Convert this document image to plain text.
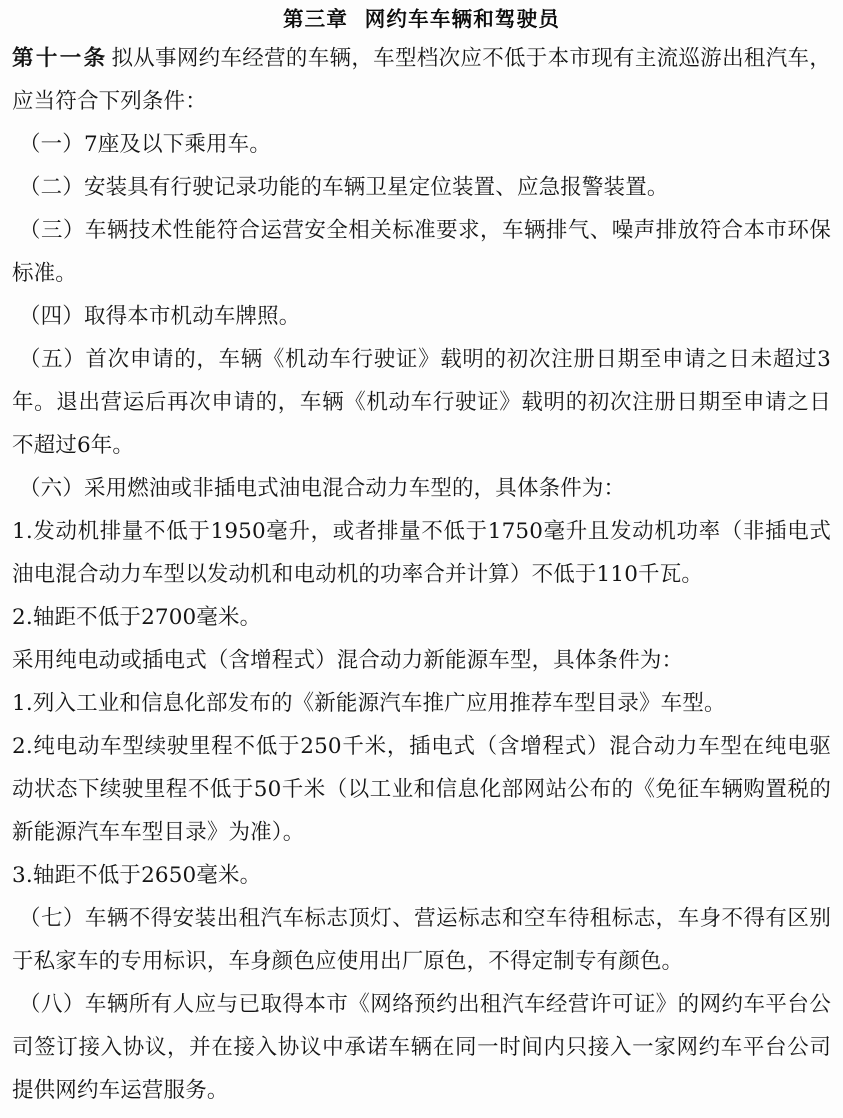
第三章  网约车车辆和驾驶员

第十一条 拟从事网约车经营的车辆，车型档次应不低于本市现有主流巡游出租汽车，应当符合下列条件：

（一）7座及以下乘用车。

（二）安装具有行驶记录功能的车辆卫星定位装置、应急报警装置。

（三）车辆技术性能符合运营安全相关标准要求，车辆排气、噪声排放符合本市环保标准。

（四）取得本市机动车牌照。

（五）首次申请的，车辆《机动车行驶证》载明的初次注册日期至申请之日未超过3年。退出营运后再次申请的，车辆《机动车行驶证》载明的初次注册日期至申请之日不超过6年。

（六）采用燃油或非插电式油电混合动力车型的，具体条件为：

1.发动机排量不低于1950毫升，或者排量不低于1750毫升且发动机功率（非插电式油电混合动力车型以发动机和电动机的功率合并计算）不低于110千瓦。

2.轴距不低于2700毫米。

采用纯电动或插电式（含增程式）混合动力新能源车型，具体条件为：

1.列入工业和信息化部发布的《新能源汽车推广应用推荐车型目录》车型。

2.纯电动车型续驶里程不低于250千米，插电式（含增程式）混合动力车型在纯电驱动状态下续驶里程不低于50千米（以工业和信息化部网站公布的《免征车辆购置税的新能源汽车车型目录》为准）。

3.轴距不低于2650毫米。

（七）车辆不得安装出租汽车标志顶灯、营运标志和空车待租标志，车身不得有区别于私家车的专用标识，车身颜色应使用出厂原色，不得定制专有颜色。

（八）车辆所有人应与已取得本市《网络预约出租汽车经营许可证》的网约车平台公司签订接入协议，并在接入协议中承诺车辆在同一时间内只接入一家网约车平台公司提供网约车运营服务。
